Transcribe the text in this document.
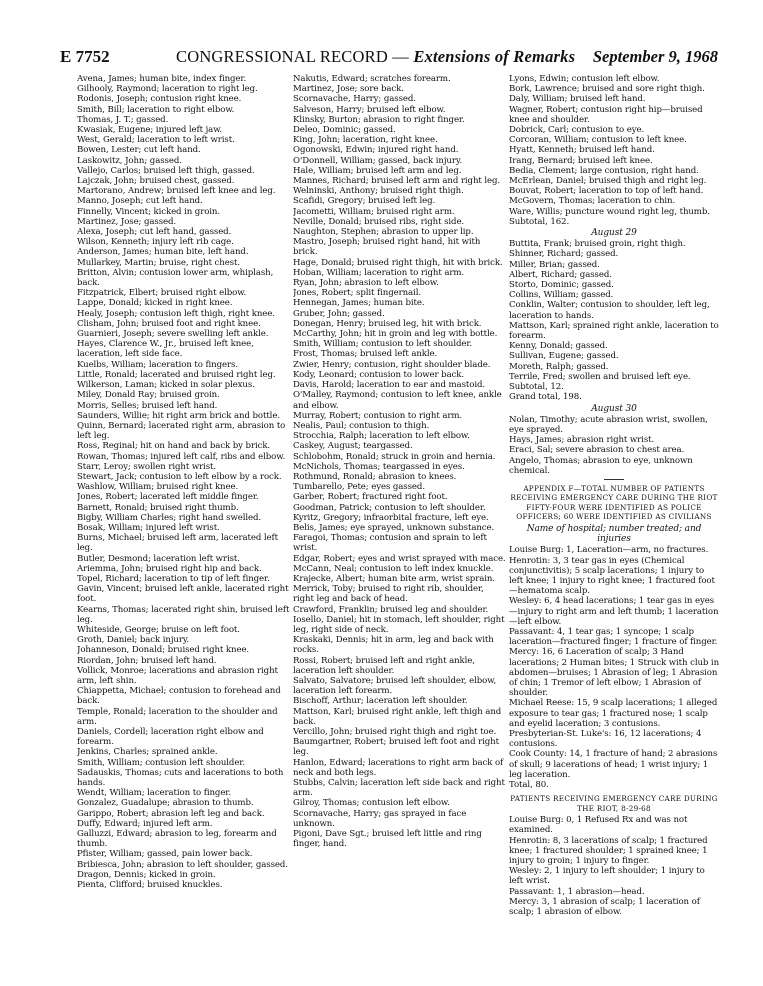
E 7752	CONGRESSIONAL RECORD — Extensions of Remarks September 9, 1968

Avena, James; human bite, index finger.

Gilhooly, Raymond; laceration to right leg.

Rodonis, Joseph; contusion right knee.

Smith, Bill; laceration to right elbow.

Thomas, J. T.; gassed.

Kwasiak, Eugene; injured left jaw.

West, Gerald; laceration to left wrist.

Bowen, Lester; cut left hand.

Laskowitz, John; gassed.

Vallejo, Carlos; bruised left thigh, gassed.

Lajczak, John; bruised chest, gassed.

Martorano, Andrew; bruised left knee and leg.

Manno, Joseph; cut left hand.

Finnelly, Vincent; kicked in groin.

Martinez, Jose; gassed.

Alexa, Joseph; cut left hand, gassed.

Wilson, Kenneth; injury left rib cage.

Anderson, James; human bite, left hand.

Mullarkey, Martin; bruise, right chest.

Britton, Alvin; contusion lower arm, whiplash, back.

Fitzpatrick, Elbert; bruised right elbow.

Lappe, Donald; kicked in right knee.

Healy, Joseph; contusion left thigh, right knee.

Clisham, John; bruised foot and right knee.

Guarnieri, Joseph; severe swelling left ankle.

Hayes, Clarence W., Jr., bruised left knee, laceration, left side face.

Kuelbs, William; laceration to fingers.

Little, Ronald; lacerated and bruised right leg.

Wilkerson, Laman; kicked in solar plexus.

Miley, Donald Ray; bruised groin.

Morris, Selles; bruised left hand.

Saunders, Willie; hit right arm brick and bottle.

Quinn, Bernard; lacerated right arm, abrasion to left leg.

Ross, Reginal; hit on hand and back by brick.

Rowan, Thomas; injured left calf, ribs and elbow.

Starr, Leroy; swollen right wrist.

Stewart, Jack; contusion to left elbow by a rock.

Washlow, William; bruised right knee.

Jones, Robert; lacerated left middle finger.

Barnett, Ronald; bruised right thumb.

Bigby, William Charles; right hand swelled.

Bosak, William; injured left wrist.

Burns, Michael; bruised left arm, lacerated left leg.

Butler, Desmond; laceration left wrist.

Ariemma, John; bruised right hip and back.

Topel, Richard; laceration to tip of left finger.

Gavin, Vincent; bruised left ankle, lacerated right foot.

Kearns, Thomas; lacerated right shin, bruised left leg.

Whiteside, George; bruise on left foot.

Groth, Daniel; back injury.

Johanneson, Donald; bruised right knee.

Riordan, John; bruised left hand.

Vollick, Monroe; lacerations and abrasion right arm, left shin.

Chiappetta, Michael; contusion to forehead and back.

Temple, Ronald; laceration to the shoulder and arm.

Daniels, Cordell; laceration right elbow and forearm.

Jenkins, Charles; sprained ankle.

Smith, William; contusion left shoulder.

Sadauskis, Thomas; cuts and lacerations to both hands.

Wendt, William; laceration to finger.

Gonzalez, Guadalupe; abrasion to thumb.

Garippo, Robert; abrasion left leg and back.

Duffy, Edward; injured left arm.

Galluzzi, Edward; abrasion to leg, forearm and thumb.

Pfister, William; gassed, pain lower back.

Bribiesca, John; abrasion to left shoulder, gassed.

Dragon, Dennis; kicked in groin.

Pienta, Clifford; bruised knuckles.

Nakutis, Edward; scratches forearm.

Martinez, Jose; sore back.

Scornavache, Harry; gassed.

Salveson, Harry; bruised left elbow.

Klinsky, Burton; abrasion to right finger.

Deleo, Dominic; gassed.

King, John; laceration, right knee.

Ogonowski, Edwin; injured right hand.

O'Donnell, William; gassed, back injury.

Hale, William; bruised left arm and leg.

Mannes, Richard; bruised left arm and right leg.

Welninski, Anthony; bruised right thigh.

Scafidi, Gregory; bruised left leg.

Jacometti, William; bruised right arm.

Neville, Donald; bruised ribs, right side.

Naughton, Stephen; abrasion to upper lip.

Mastro, Joseph; bruised right hand, hit with brick.

Hage, Donald; bruised right thigh, hit with brick.

Hoban, William; laceration to right arm.

Ryan, John; abrasion to left elbow.

Jones, Robert; split fingernail.

Hennegan, James; human bite.

Gruber, John; gassed.

Donegan, Henry; bruised leg, hit with brick.

McCarthy, John; hit in groin and leg with bottle.

Smith, William; contusion to left shoulder.

Frost, Thomas; bruised left ankle.

Zwier, Henry; contusion, right shoulder blade.

Kody, Leonard; contusion to lower back.

Davis, Harold; laceration to ear and mastoid.

O'Malley, Raymond; contusion to left knee, ankle and elbow.

Murray, Robert; contusion to right arm.

Nealis, Paul; contusion to thigh.

Strocchia, Ralph; laceration to left elbow.

Caskey, August; teargassed.

Schlobohm, Ronald; struck in groin and hernia.

McNichols, Thomas; teargassed in eyes.

Rothmund, Ronald; abrasion to knees.

Tumbarello, Pete; eyes gassed.

Garber, Robert; fractured right foot.

Goodman, Patrick; contusion to left shoulder.

Kyritz, Gregory; infraorbital fracture, left eye.

Belis, James; eye sprayed, unknown substance.

Faragoi, Thomas; contusion and sprain to left wrist.

Edgar, Robert; eyes and wrist sprayed with mace.

McCann, Neal; contusion to left index knuckle.

Krajecke, Albert; human bite arm, wrist sprain.

Merrick, Toby; bruised to right rib, shoulder, right leg and back of head.

Crawford, Franklin; bruised leg and shoulder.

Iosello, Daniel; hit in stomach, left shoulder, right leg, right side of neck.

Kraskaki, Dennis; hit in arm, leg and back with rocks.

Rossi, Robert; bruised left and right ankle, laceration left shoulder.

Salvato, Salvatore; bruised left shoulder, elbow, laceration left forearm.

Bischoff, Arthur; laceration left shoulder.

Mattson, Karl; bruised right ankle, left thigh and back.

Vercillo, John; bruised right thigh and right toe.

Baumgartner, Robert; bruised left foot and right leg.

Hanlon, Edward; lacerations to right arm back of neck and both legs.

Stubbs, Calvin; laceration left side back and right arm.

Gilroy, Thomas; contusion left elbow.

Scornavache, Harry; gas sprayed in face unknown.

Pigoni, Dave Sgt.; bruised left little and ring finger, hand.

Lyons, Edwin; contusion left elbow.

Bork, Lawrence; bruised and sore right thigh.

Daly, William; bruised left hand.

Wagner, Robert; contusion right hip—bruised knee and shoulder.

Dobrick, Carl; contusion to eye.

Corcoran, William; contusion to left knee.

Hyatt, Kenneth; bruised left hand.

Irang, Bernard; bruised left knee.

Bedia, Clement; large contusion, right hand.

McErlean, Daniel; bruised thigh and right leg.

Bouvat, Robert; laceration to top of left hand.

McGovern, Thomas; laceration to chin.

Ware, Willis; puncture wound right leg, thumb.

Subtotal, 162.

August 29

Buttita, Frank; bruised groin, right thigh.

Shinner, Richard; gassed.

Miller, Brian; gassed.

Albert, Richard; gassed.

Storto, Dominic; gassed.

Collins, William; gassed.

Conklin, Walter; contusion to shoulder, left leg, laceration to hands.

Mattson, Karl; sprained right ankle, laceration to forearm.

Kenny, Donald; gassed.

Sullivan, Eugene; gassed.

Moreth, Ralph; gassed.

Terrile, Fred; swollen and bruised left eye.

Subtotal, 12.

Grand total, 198.

August 30

Nolan, Timothy; acute abrasion wrist, swollen, eye sprayed.

Hays, James; abrasion right wrist.

Eraci, Sal; severe abrasion to chest area.

Angelo, Thomas; abrasion to eye, unknown chemical.

APPENDIX F—TOTAL NUMBER OF PATIENTS RECEIVING EMERGENCY CARE DURING THE RIOT FIFTY-FOUR WERE IDENTIFIED AS POLICE OFFICERS; 60 WERE IDENTIFIED AS CIVILIANS
Name of hospital; number treated; and injuries

Louise Burg: 1, Laceration—arm, no fractures.

Henrotin: 3, 3 tear gas in eyes (Chemical conjunctivitis); 5 scalp lacerations; 1 injury to left knee; 1 injury to right knee; 1 fractured foot—hematoma scalp.

Wesley: 6, 4 head lacerations; 1 tear gas in eyes—injury to right arm and left thumb; 1 laceration—left elbow.

Passavant: 4, 1 tear gas; 1 syncope; 1 scalp laceration—fractured finger; 1 fracture of finger.

Mercy: 16, 6 Laceration of scalp; 3 Hand lacerations; 2 Human bites; 1 Struck with club in abdomen—bruises; 1 Abrasion of leg; 1 Abrasion of chin; 1 Tremor of left elbow; 1 Abrasion of shoulder.

Michael Reese: 15, 9 scalp lacerations; 1 alleged exposure to tear gas; 1 fractured nose; 1 scalp and eyelid laceration; 3 contusions.

Presbyterian-St. Luke's: 16, 12 lacerations; 4 contusions.

Cook County: 14, 1 fracture of hand; 2 abrasions of skull; 9 lacerations of head; 1 wrist injury; 1 leg laceration.

Total, 80.

PATIENTS RECEIVING EMERGENCY CARE DURING THE RIOT, 8-29-68

Louise Burg: 0, 1 Refused Rx and was not examined.

Henrotin: 8, 3 lacerations of scalp; 1 fractured knee; 1 fractured shoulder; 1 sprained knee; 1 injury to groin; 1 injury to finger.

Wesley: 2, 1 injury to left shoulder; 1 injury to left wrist.

Passavant: 1, 1 abrasion—head.

Mercy: 3, 1 abrasion of scalp; 1 laceration of scalp; 1 abrasion of elbow.
